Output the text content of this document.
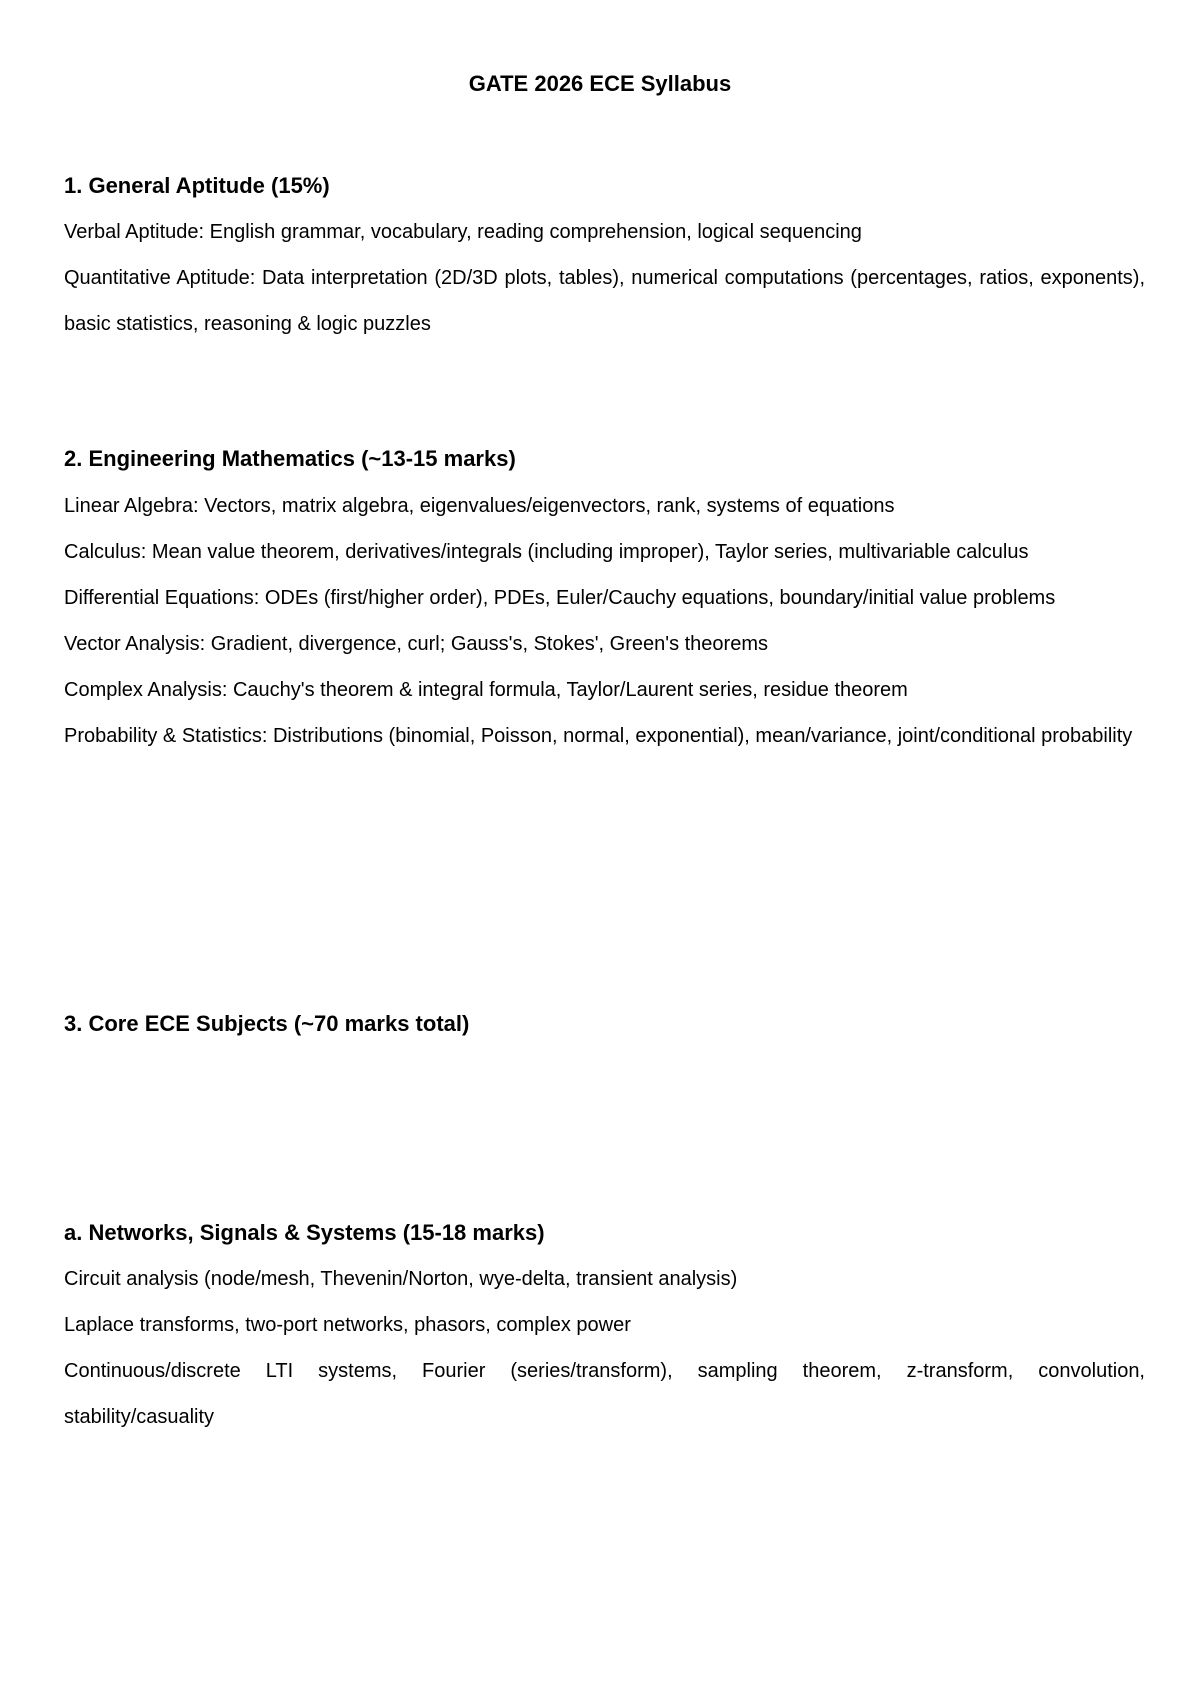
GATE 2026 ECE Syllabus
1. General Aptitude (15%)
Verbal Aptitude: English grammar, vocabulary, reading comprehension, logical sequencing
Quantitative Aptitude: Data interpretation (2D/3D plots, tables), numerical computations (percentages, ratios, exponents), basic statistics, reasoning & logic puzzles
2. Engineering Mathematics (~13-15 marks)
Linear Algebra: Vectors, matrix algebra, eigenvalues/eigenvectors, rank, systems of equations
Calculus: Mean value theorem, derivatives/integrals (including improper), Taylor series, multivariable calculus
Differential Equations: ODEs (first/higher order), PDEs, Euler/Cauchy equations, boundary/initial value problems
Vector Analysis: Gradient, divergence, curl; Gauss's, Stokes', Green's theorems
Complex Analysis: Cauchy's theorem & integral formula, Taylor/Laurent series, residue theorem
Probability & Statistics: Distributions (binomial, Poisson, normal, exponential), mean/variance, joint/conditional probability
3. Core ECE Subjects (~70 marks total)
a. Networks, Signals & Systems (15-18 marks)
Circuit analysis (node/mesh, Thevenin/Norton, wye-delta, transient analysis)
Laplace transforms, two-port networks, phasors, complex power
Continuous/discrete LTI systems, Fourier (series/transform), sampling theorem, z-transform, convolution, stability/casuality
